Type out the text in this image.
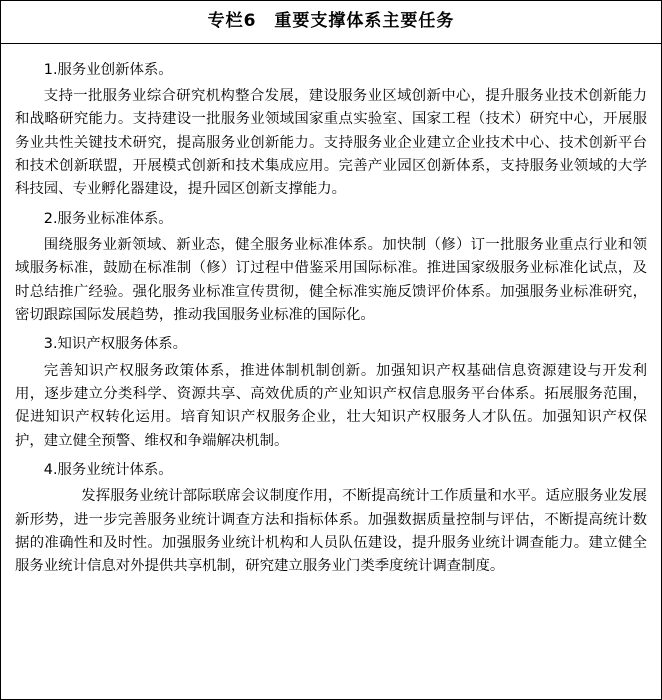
专栏6　重要支撑体系主要任务

1.服务业创新体系。

支持一批服务业综合研究机构整合发展，建设服务业区域创新中心，提升服务业技术创新能力和战略研究能力。支持建设一批服务业领域国家重点实验室、国家工程（技术）研究中心，开展服务业共性关键技术研究，提高服务业创新能力。支持服务业企业建立企业技术中心、技术创新平台和技术创新联盟，开展模式创新和技术集成应用。完善产业园区创新体系，支持服务业领域的大学科技园、专业孵化器建设，提升园区创新支撑能力。

2.服务业标准体系。

围绕服务业新领域、新业态，健全服务业标准体系。加快制（修）订一批服务业重点行业和领域服务标准，鼓励在标准制（修）订过程中借鉴采用国际标准。推进国家级服务业标准化试点，及时总结推广经验。强化服务业标准宣传贯彻，健全标准实施反馈评价体系。加强服务业标准研究，密切跟踪国际发展趋势，推动我国服务业标准的国际化。

3.知识产权服务体系。

完善知识产权服务政策体系，推进体制机制创新。加强知识产权基础信息资源建设与开发利用，逐步建立分类科学、资源共享、高效优质的产业知识产权信息服务平台体系。拓展服务范围，促进知识产权转化运用。培育知识产权服务企业，壮大知识产权服务人才队伍。加强知识产权保护，建立健全预警、维权和争端解决机制。

4.服务业统计体系。

发挥服务业统计部际联席会议制度作用，不断提高统计工作质量和水平。适应服务业发展新形势，进一步完善服务业统计调查方法和指标体系。加强数据质量控制与评估，不断提高统计数据的准确性和及时性。加强服务业统计机构和人员队伍建设，提升服务业统计调查能力。建立健全服务业统计信息对外提供共享机制，研究建立服务业门类季度统计调查制度。
